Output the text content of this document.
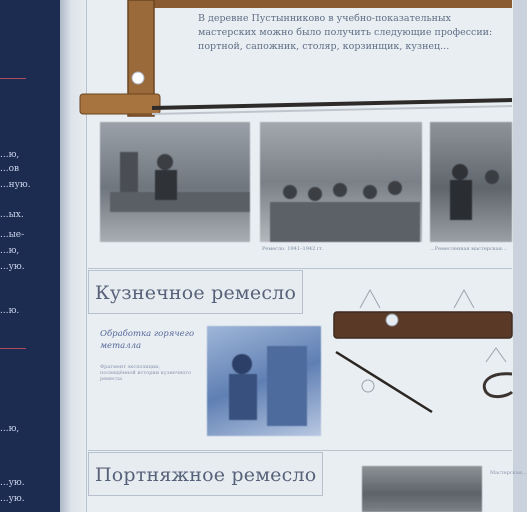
...ю,
...ов
...ную.
...ых.
...ые-
...ю,
...ую.
...ю.
...ю,
...ую.
...ую.
В деревне Пустынниково в учебно-показательных мастерских можно было получить следующие профессии: портной, сапожник, столяр, корзинщик, кузнец...
Ремесло. 1941–1942 гг.	...Ремесленная мастерская...
Кузнечное ремесло
Обработка горячего металла
Фрагмент экспозиции, посвящённой истории кузнечного ремесла
Портняжное ремесло	Мастерская...
